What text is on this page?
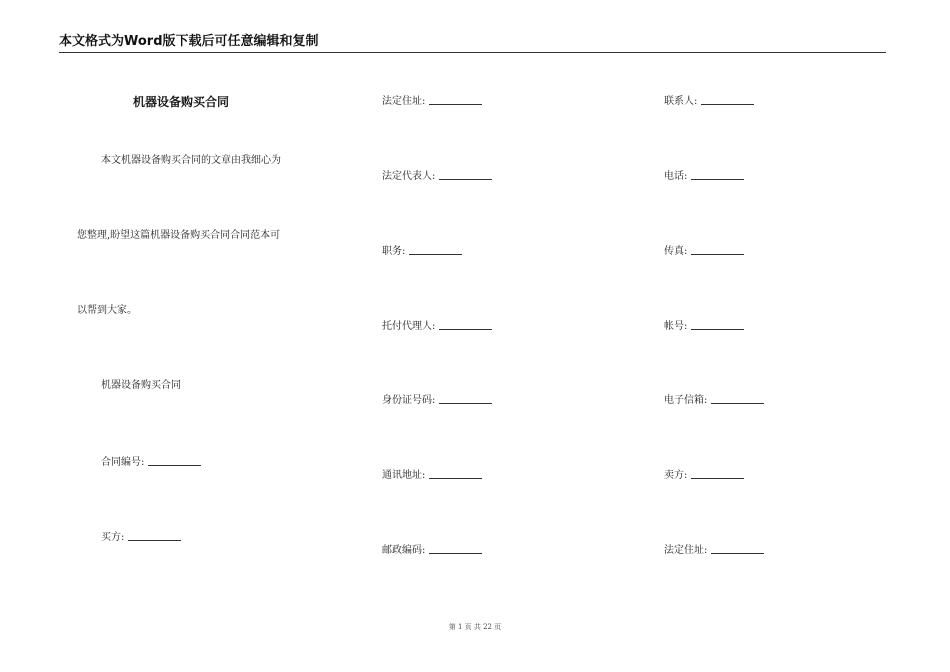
本文格式为Word版下载后可任意编辑和复制
机器设备购买合同
本文机器设备购买合同的文章由我细心为
您整理,盼望这篇机器设备购买合同合同范本可
以帮到大家。
机器设备购买合同
合同编号:
买方:
法定住址:
法定代表人:
职务:
托付代理人:
身份证号码:
通讯地址:
邮政编码:
联系人:
电话:
传真:
帐号:
电子信箱:
卖方:
法定住址:
第 1 页 共 22 页
